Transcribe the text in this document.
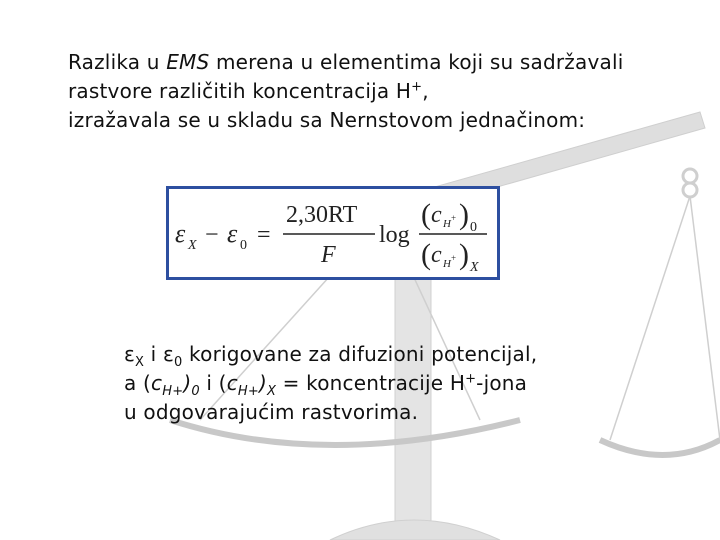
Razlika u EMS merena u elementima koji su sadržavali
rastvore različitih koncentracija H+,
izražavala se u skladu sa Nernstovom jednačinom:
ε X − ε 0 =
2,30RT
F
log
( c H + ) 0
( c H + ) X
$\varepsilon_X$ i $\varepsilon_0$ korigovane za difuzioni potencijal,
a $(c_{H+})_0$ i $(c_{H+})_X$ = koncentracije H+-jona
u odgovarajućim rastvorima.
